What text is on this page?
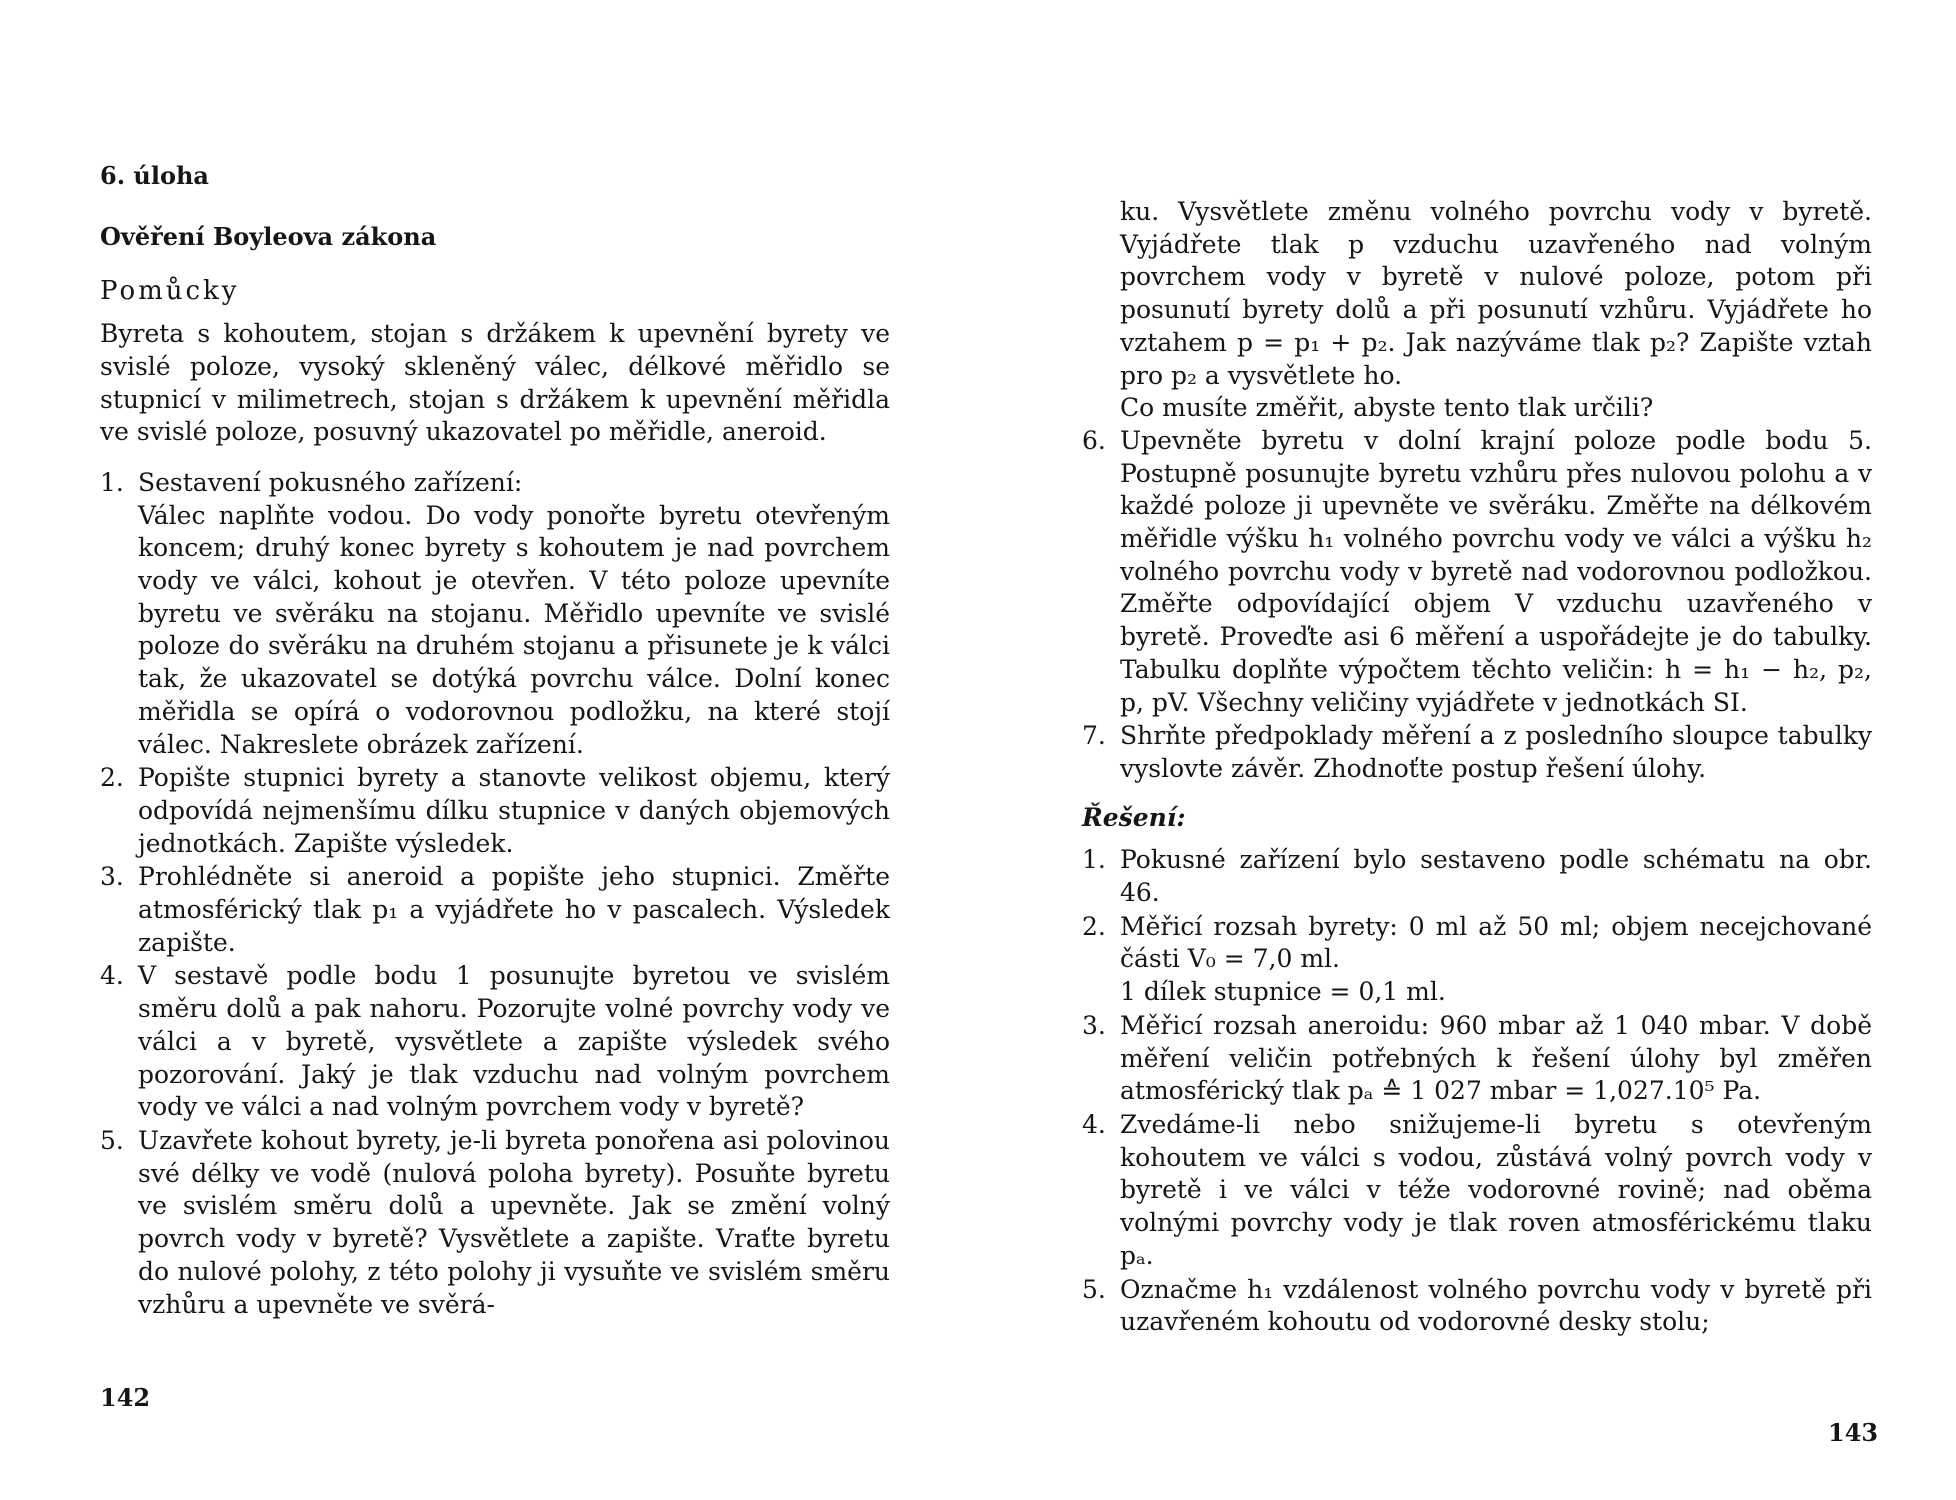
6. úloha
Ověření Boyleova zákona
Pomůcky
Byreta s kohoutem, stojan s držákem k upevnění byrety ve svislé poloze, vysoký skleněný válec, délkové měřidlo se stupnicí v milimetrech, stojan s držákem k upevnění měřidla ve svislé poloze, posuvný ukazovatel po měřidle, aneroid.
1. Sestavení pokusného zařízení:
Válec naplňte vodou. Do vody ponořte byretu otevřeným koncem; druhý konec byrety s kohoutem je nad povrchem vody ve válci, kohout je otevřen. V této poloze upevníte byretu ve svěráku na stojanu. Měřidlo upevníte ve svislé poloze do svěráku na druhém stojanu a přisunete je k válci tak, že ukazovatel se dotýká povrchu válce. Dolní konec měřidla se opírá o vodorovnou podložku, na které stojí válec. Nakreslete obrázek zařízení.
2. Popište stupnici byrety a stanovte velikost objemu, který odpovídá nejmenšímu dílku stupnice v daných objemových jednotkách. Zapište výsledek.
3. Prohlédněte si aneroid a popište jeho stupnici. Změřte atmosférický tlak p₁ a vyjádřete ho v pascalech. Výsledek zapište.
4. V sestavě podle bodu 1 posunujte byretou ve svislém směru dolů a pak nahoru. Pozorujte volné povrchy vody ve válci a v byretě, vysvětlete a zapište výsledek svého pozorování. Jaký je tlak vzduchu nad volným povrchem vody ve válci a nad volným povrchem vody v byretě?
5. Uzavřete kohout byrety, je-li byreta ponořena asi polovinou své délky ve vodě (nulová poloha byrety). Posuňte byretu ve svislém směru dolů a upevněte. Jak se změní volný povrch vody v byretě? Vysvětlete a zapište. Vraťte byretu do nulové polohy, z této polohy ji vysuňte ve svislém směru vzhůru a upevněte ve svěrá-
142
ku. Vysvětlete změnu volného povrchu vody v byretě. Vyjádřete tlak p vzduchu uzavřeného nad volným povrchem vody v byretě v nulové poloze, potom při posunutí byrety dolů a při posunutí vzhůru. Vyjádřete ho vztahem p = p₁ + p₂. Jak nazýváme tlak p₂? Zapište vztah pro p₂ a vysvětlete ho.
Co musíte změřit, abyste tento tlak určili?
6. Upevněte byretu v dolní krajní poloze podle bodu 5. Postupně posunujte byretu vzhůru přes nulovou polohu a v každé poloze ji upevněte ve svěráku. Změřte na délkovém měřidle výšku h₁ volného povrchu vody ve válci a výšku h₂ volného povrchu vody v byretě nad vodorovnou podložkou. Změřte odpovídající objem V vzduchu uzavřeného v byretě. Proveďte asi 6 měření a uspořádejte je do tabulky. Tabulku doplňte výpočtem těchto veličin: h = h₁ − h₂, p₂, p, pV. Všechny veličiny vyjádřete v jednotkách SI.
7. Shrňte předpoklady měření a z posledního sloupce tabulky vyslovte závěr. Zhodnoťte postup řešení úlohy.
Řešení:
1. Pokusné zařízení bylo sestaveno podle schématu na obr. 46.
2. Měřicí rozsah byrety: 0 ml až 50 ml; objem necejchované části V₀ = 7,0 ml.
1 dílek stupnice = 0,1 ml.
3. Měřicí rozsah aneroidu: 960 mbar až 1 040 mbar. V době měření veličin potřebných k řešení úlohy byl změřen atmosférický tlak pₐ ≙ 1 027 mbar = 1,027.10⁵ Pa.
4. Zvedáme-li nebo snižujeme-li byretu s otevřeným kohoutem ve válci s vodou, zůstává volný povrch vody v byretě i ve válci v téže vodorovné rovině; nad oběma volnými povrchy vody je tlak roven atmosférickému tlaku pₐ.
5. Označme h₁ vzdálenost volného povrchu vody v byretě při uzavřeném kohoutu od vodorovné desky stolu;
143
